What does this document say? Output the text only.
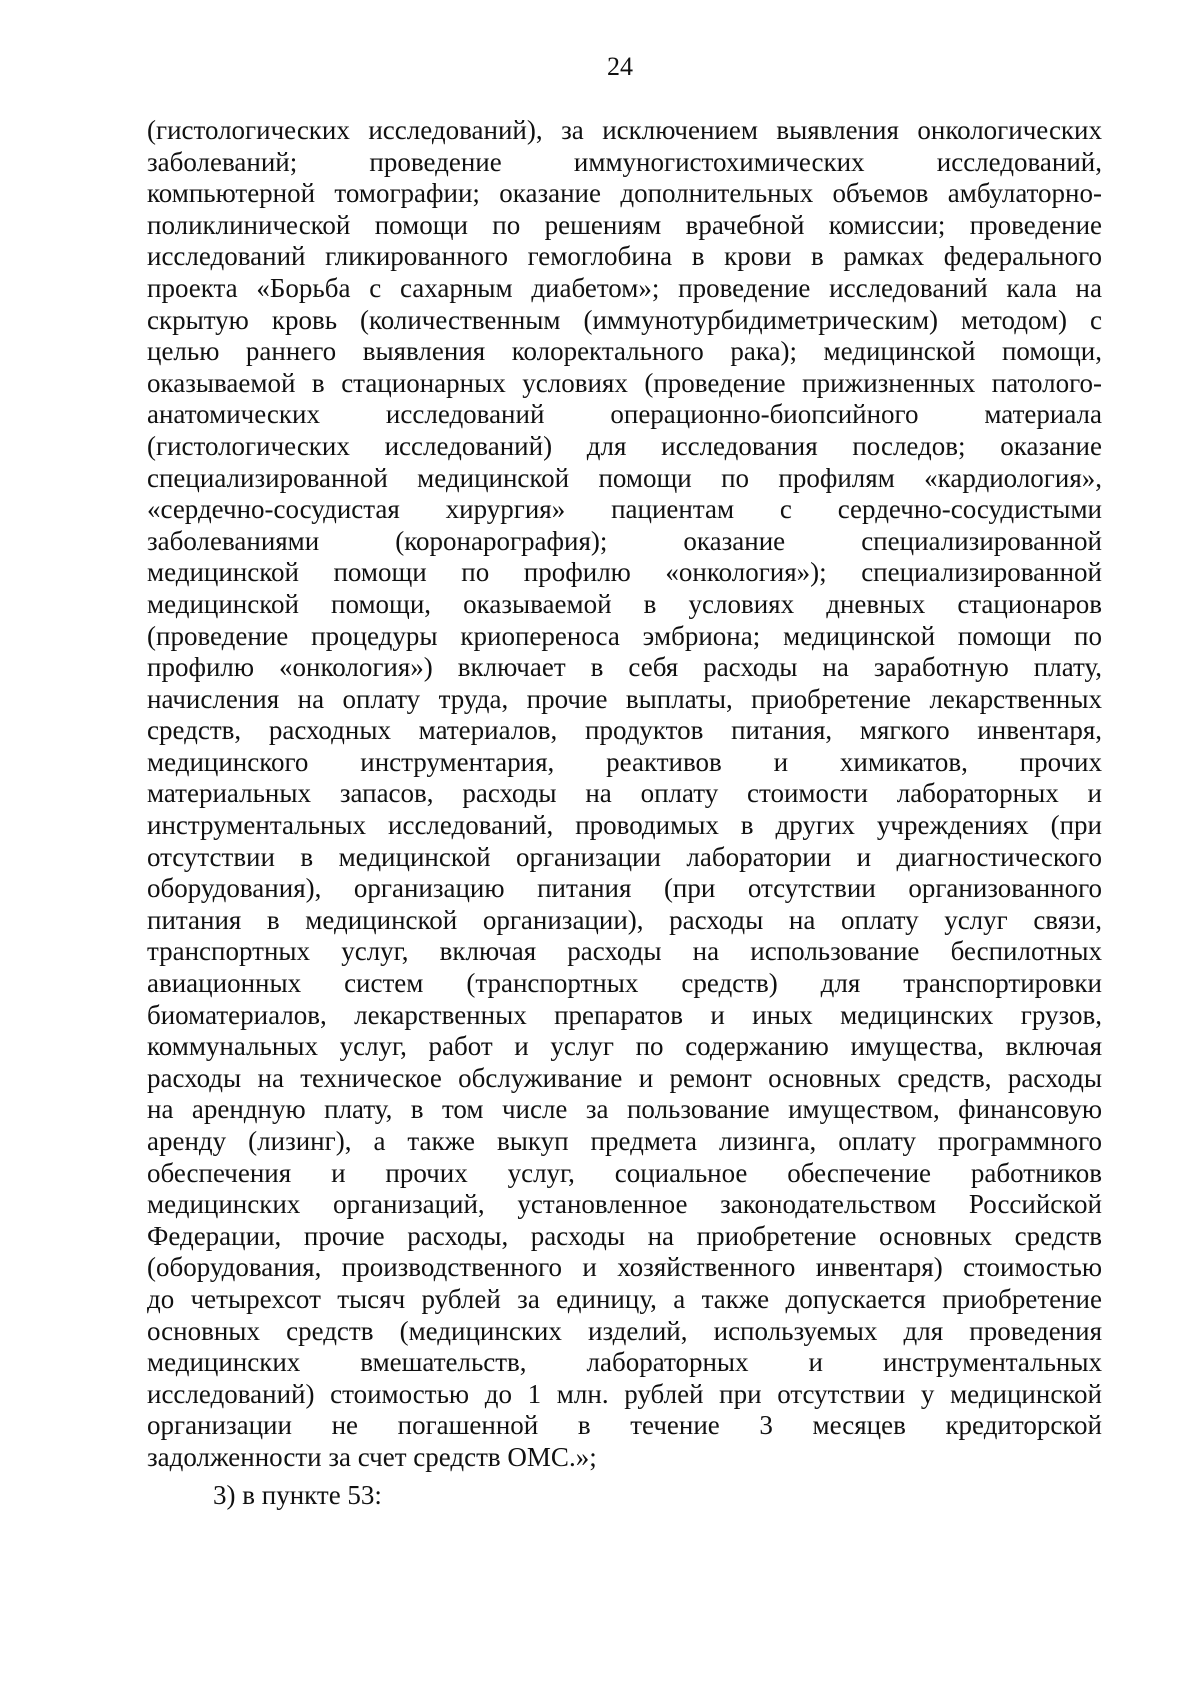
24
(гистологических исследований), за исключением выявления онкологических
заболеваний; проведение иммуногистохимических исследований,
компьютерной томографии; оказание дополнительных объемов амбулаторно-
поликлинической помощи по решениям врачебной комиссии; проведение
исследований гликированного гемоглобина в крови в рамках федерального
проекта «Борьба с сахарным диабетом»; проведение исследований кала на
скрытую кровь (количественным (иммунотурбидиметрическим) методом) с
целью раннего выявления колоректального рака); медицинской помощи,
оказываемой в стационарных условиях (проведение прижизненных патолого-
анатомических исследований операционно-биопсийного материала
(гистологических исследований) для исследования последов; оказание
специализированной медицинской помощи по профилям «кардиология»,
«сердечно-сосудистая хирургия» пациентам с сердечно-сосудистыми
заболеваниями (коронарография); оказание специализированной
медицинской помощи по профилю «онкология»); специализированной
медицинской помощи, оказываемой в условиях дневных стационаров
(проведение процедуры криопереноса эмбриона; медицинской помощи по
профилю «онкология») включает в себя расходы на заработную плату,
начисления на оплату труда, прочие выплаты, приобретение лекарственных
средств, расходных материалов, продуктов питания, мягкого инвентаря,
медицинского инструментария, реактивов и химикатов, прочих
материальных запасов, расходы на оплату стоимости лабораторных и
инструментальных исследований, проводимых в других учреждениях (при
отсутствии в медицинской организации лаборатории и диагностического
оборудования), организацию питания (при отсутствии организованного
питания в медицинской организации), расходы на оплату услуг связи,
транспортных услуг, включая расходы на использование беспилотных
авиационных систем (транспортных средств) для транспортировки
биоматериалов, лекарственных препаратов и иных медицинских грузов,
коммунальных услуг, работ и услуг по содержанию имущества, включая
расходы на техническое обслуживание и ремонт основных средств, расходы
на арендную плату, в том числе за пользование имуществом, финансовую
аренду (лизинг), а также выкуп предмета лизинга, оплату программного
обеспечения и прочих услуг, социальное обеспечение работников
медицинских организаций, установленное законодательством Российской
Федерации, прочие расходы, расходы на приобретение основных средств
(оборудования, производственного и хозяйственного инвентаря) стоимостью
до четырехсот тысяч рублей за единицу, а также допускается приобретение
основных средств (медицинских изделий, используемых для проведения
медицинских вмешательств, лабораторных и инструментальных
исследований) стоимостью до 1 млн. рублей при отсутствии у медицинской
организации не погашенной в течение 3 месяцев кредиторской
задолженности за счет средств ОМС.»;
3) в пункте 53:
